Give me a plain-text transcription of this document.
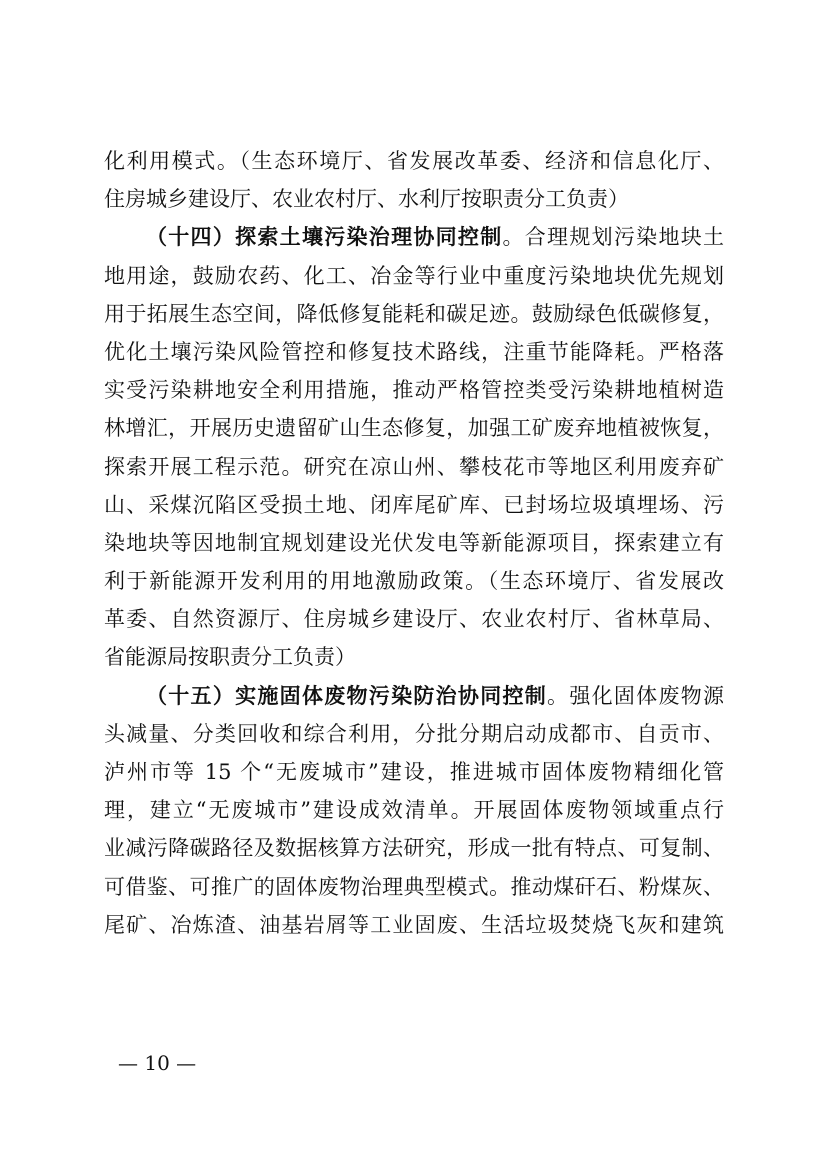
化利用模式。（生态环境厅、省发展改革委、经济和信息化厅、
住房城乡建设厅、农业农村厅、水利厅按职责分工负责）
（十四）探索土壤污染治理协同控制。合理规划污染地块土
地用途，鼓励农药、化工、冶金等行业中重度污染地块优先规划
用于拓展生态空间，降低修复能耗和碳足迹。鼓励绿色低碳修复，
优化土壤污染风险管控和修复技术路线，注重节能降耗。严格落
实受污染耕地安全利用措施，推动严格管控类受污染耕地植树造
林增汇，开展历史遗留矿山生态修复，加强工矿废弃地植被恢复，
探索开展工程示范。研究在凉山州、攀枝花市等地区利用废弃矿
山、采煤沉陷区受损土地、闭库尾矿库、已封场垃圾填埋场、污
染地块等因地制宜规划建设光伏发电等新能源项目，探索建立有
利于新能源开发利用的用地激励政策。（生态环境厅、省发展改
革委、自然资源厅、住房城乡建设厅、农业农村厅、省林草局、
省能源局按职责分工负责）
（十五）实施固体废物污染防治协同控制。强化固体废物源
头减量、分类回收和综合利用，分批分期启动成都市、自贡市、
泸州市等 15 个“无废城市”建设，推进城市固体废物精细化管
理，建立“无废城市”建设成效清单。开展固体废物领域重点行
业减污降碳路径及数据核算方法研究，形成一批有特点、可复制、
可借鉴、可推广的固体废物治理典型模式。推动煤矸石、粉煤灰、
尾矿、冶炼渣、油基岩屑等工业固废、生活垃圾焚烧飞灰和建筑
— 10 —
